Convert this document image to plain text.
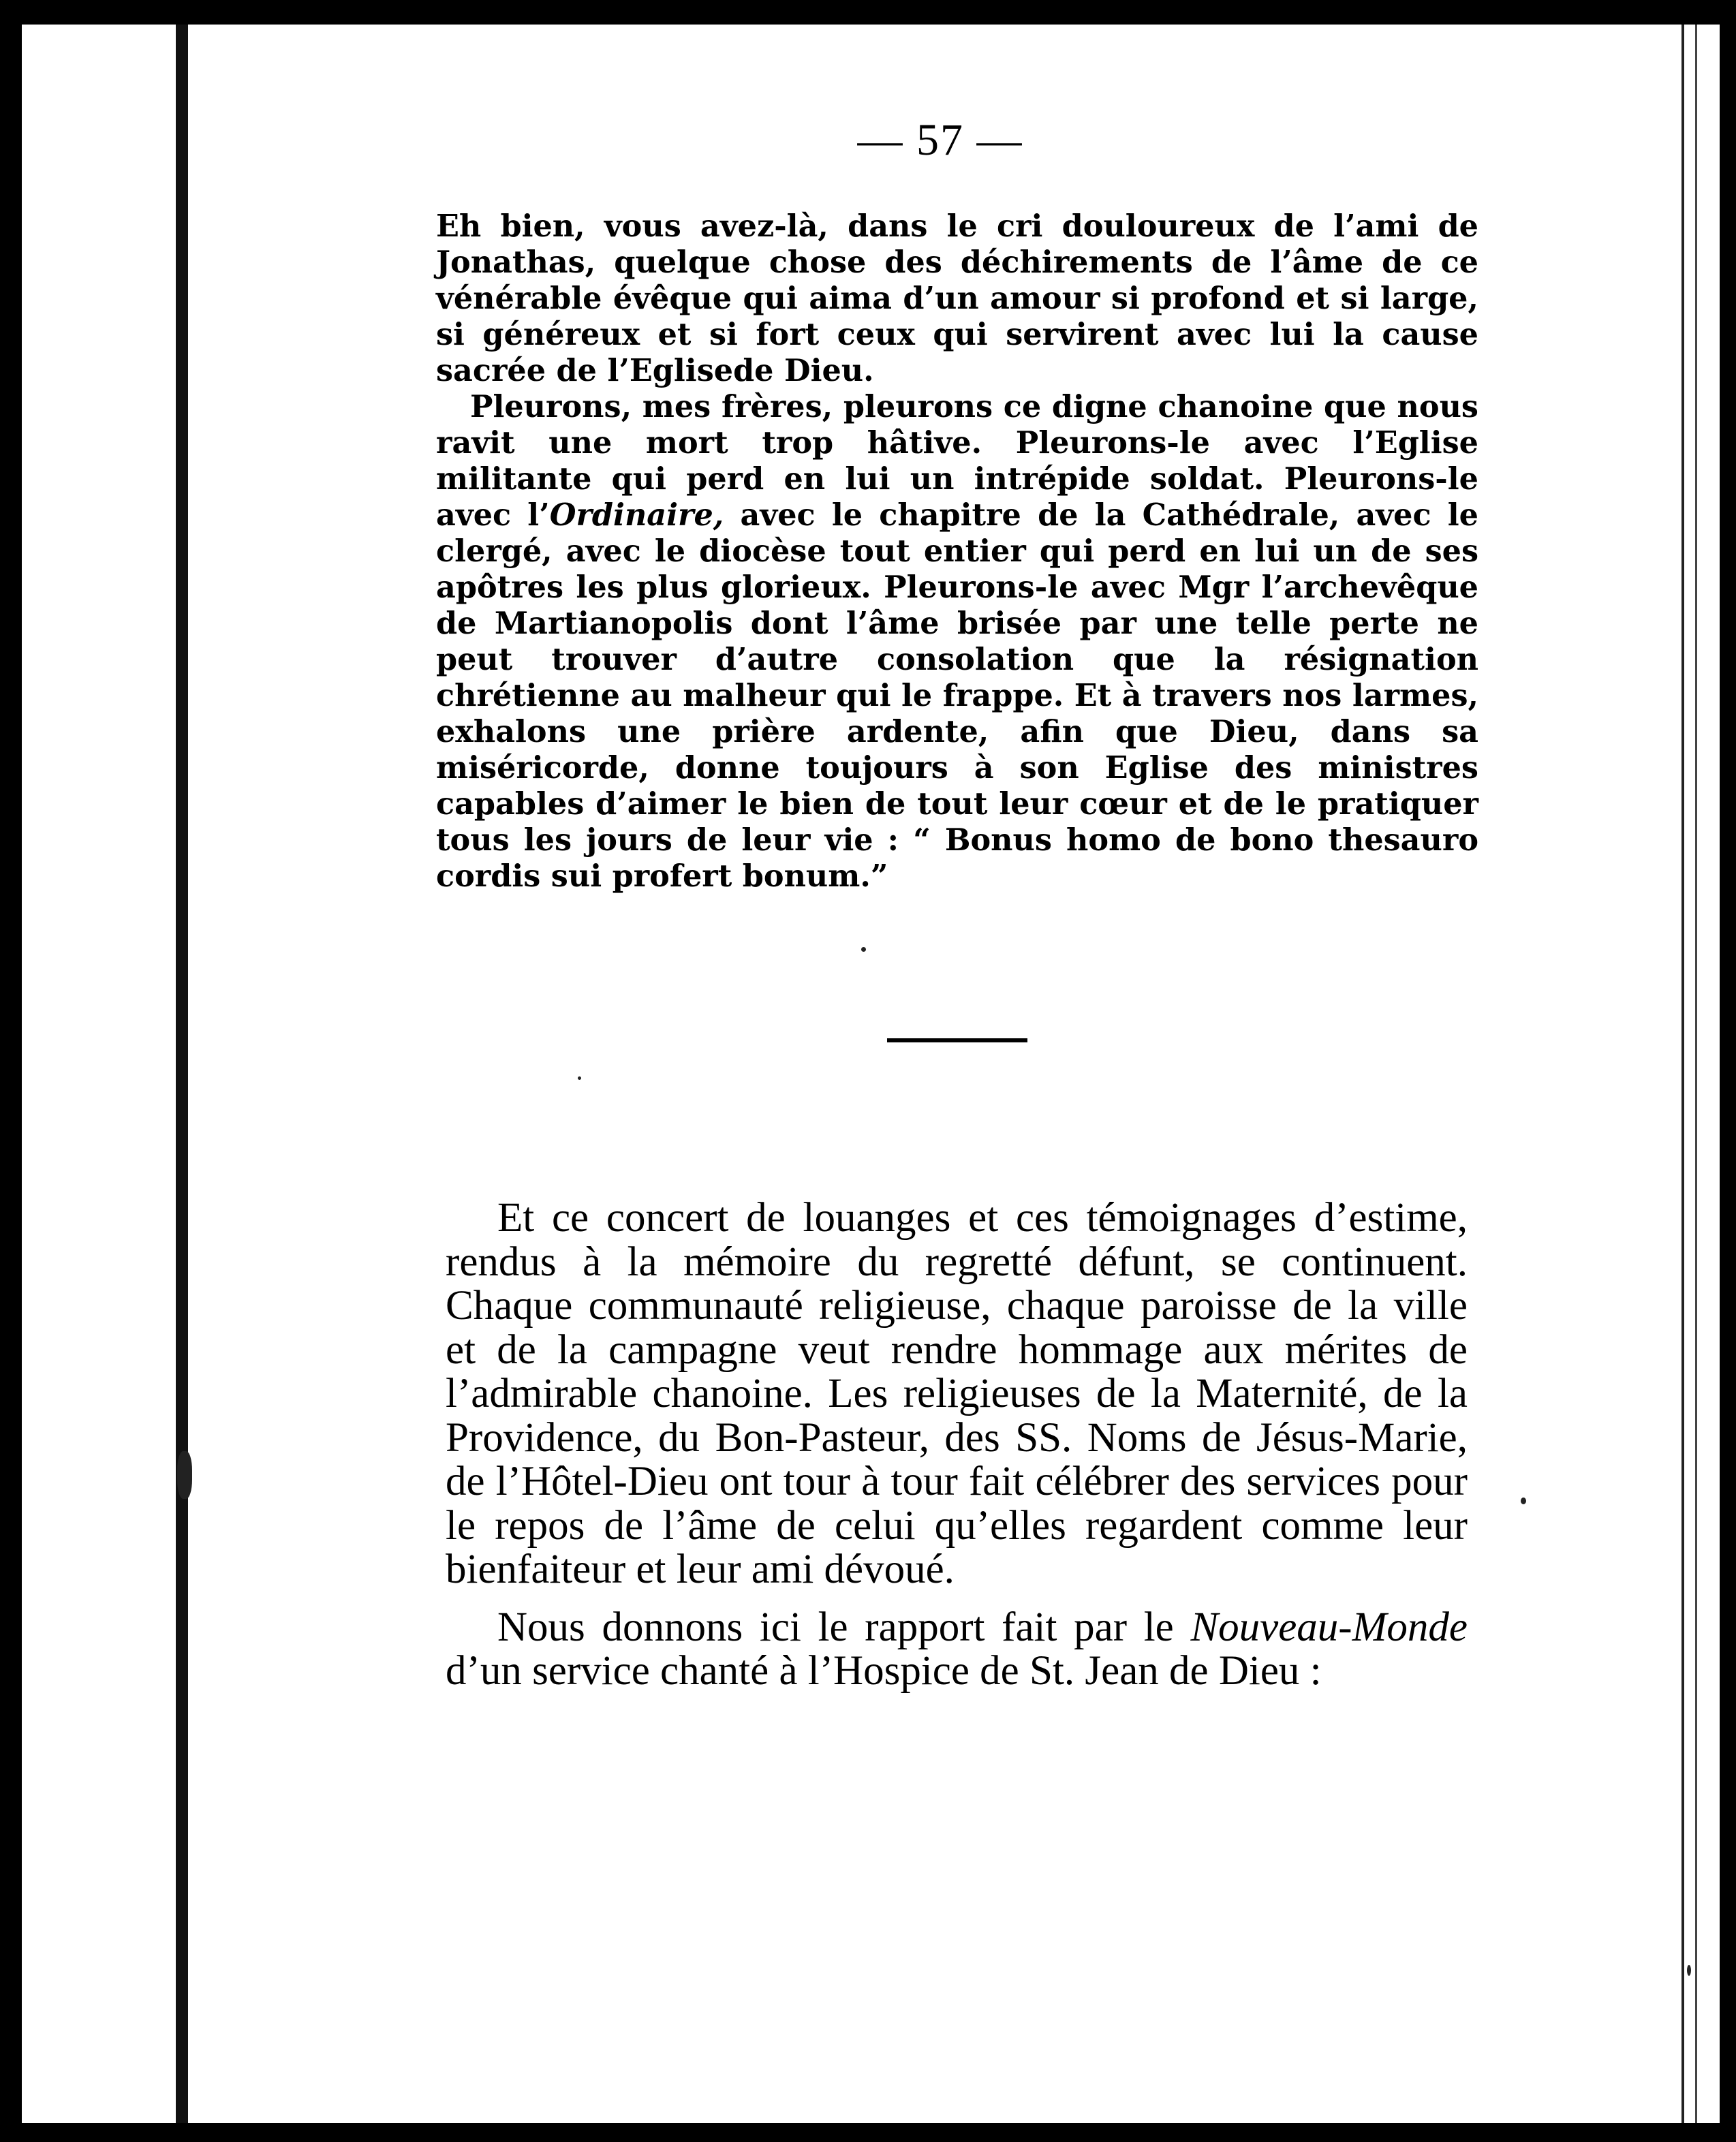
— 57 —

Eh bien, vous avez-là, dans le cri douloureux de l’ami de Jonathas, quelque chose des déchirements de l’âme de ce vénérable évêque qui aima d’un amour si profond et si large, si généreux et si fort ceux qui servirent avec lui la cause sacrée de l’Eglisede Dieu.

Pleurons, mes frères, pleurons ce digne chanoine que nous ravit une mort trop hâtive. Pleurons-le avec l’Eglise militante qui perd en lui un intrépide soldat. Pleurons-le avec l’Ordinaire, avec le chapitre de la Cathédrale, avec le clergé, avec le diocèse tout entier qui perd en lui un de ses apôtres les plus glorieux. Pleurons-le avec Mgr l’archevêque de Martianopolis dont l’âme brisée par une telle perte ne peut trouver d’autre consolation que la résignation chrétienne au malheur qui le frappe. Et à travers nos larmes, exhalons une prière ardente, afin que Dieu, dans sa miséricorde, donne toujours à son Eglise des ministres capables d’aimer le bien de tout leur cœur et de le pratiquer tous les jours de leur vie : “ Bonus homo de bono thesauro cordis sui profert bonum.”

Et ce concert de louanges et ces témoignages d’estime, rendus à la mémoire du regretté défunt, se continuent. Chaque communauté religieuse, chaque paroisse de la ville et de la campagne veut rendre hommage aux mérites de l’admirable chanoine. Les religieuses de la Maternité, de la Providence, du Bon-Pasteur, des SS. Noms de Jésus-Marie, de l’Hôtel-Dieu ont tour à tour fait célébrer des services pour le repos de l’âme de celui qu’elles regardent comme leur bienfaiteur et leur ami dévoué.

Nous donnons ici le rapport fait par le Nouveau-Monde d’un service chanté à l’Hospice de St. Jean de Dieu :
